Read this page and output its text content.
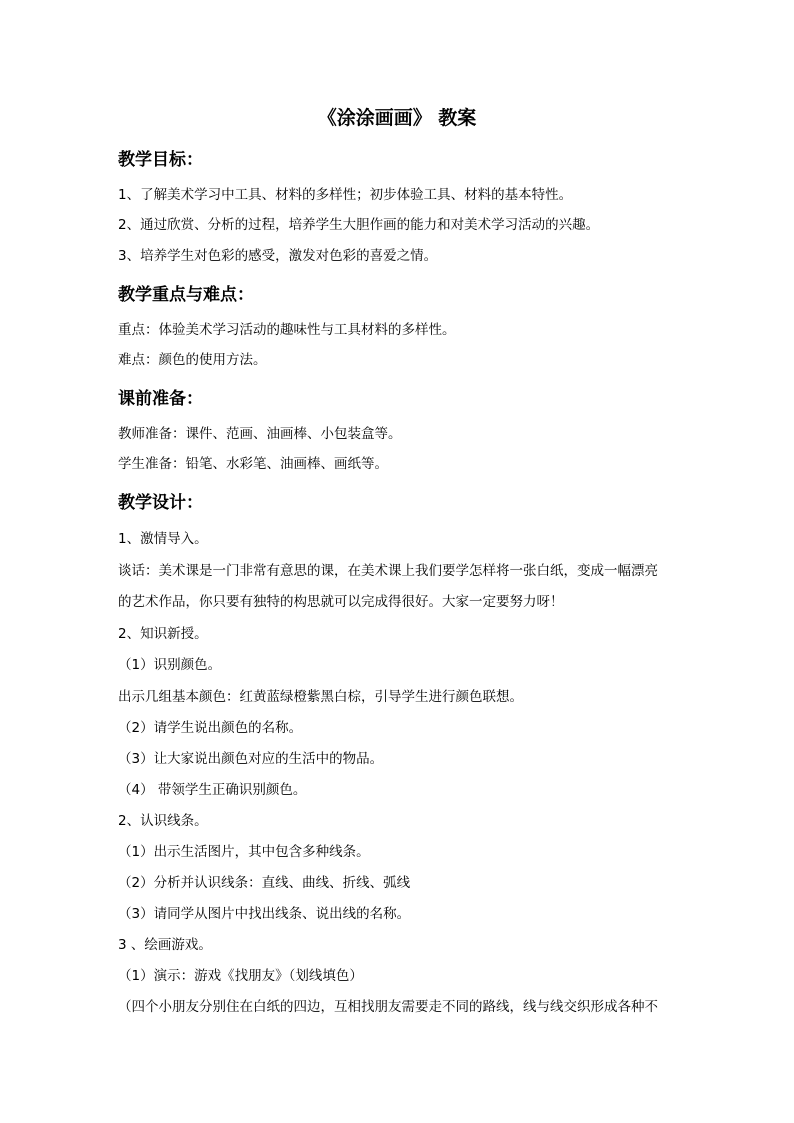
《涂涂画画》 教案
教学目标：
1、了解美术学习中工具、材料的多样性；初步体验工具、材料的基本特性。
2、通过欣赏、分析的过程，培养学生大胆作画的能力和对美术学习活动的兴趣。
3、培养学生对色彩的感受，激发对色彩的喜爱之情。
教学重点与难点：
重点：体验美术学习活动的趣味性与工具材料的多样性。
难点：颜色的使用方法。
课前准备：
教师准备：课件、范画、油画棒、小包装盒等。
学生准备：铅笔、水彩笔、油画棒、画纸等。
教学设计：
1、激情导入。
谈话：美术课是一门非常有意思的课，在美术课上我们要学怎样将一张白纸，变成一幅漂亮
的艺术作品，你只要有独特的构思就可以完成得很好。大家一定要努力呀！
2、知识新授。
（1）识别颜色。
出示几组基本颜色：红黄蓝绿橙紫黑白棕，引导学生进行颜色联想。
（2）请学生说出颜色的名称。
（3）让大家说出颜色对应的生活中的物品。
（4） 带领学生正确识别颜色。
2、认识线条。
（1）出示生活图片，其中包含多种线条。
（2）分析并认识线条：直线、曲线、折线、弧线
（3）请同学从图片中找出线条、说出线的名称。
3 、绘画游戏。
（1）演示：游戏《找朋友》（划线填色）
（四个小朋友分别住在白纸的四边，互相找朋友需要走不同的路线，线与线交织形成各种不
